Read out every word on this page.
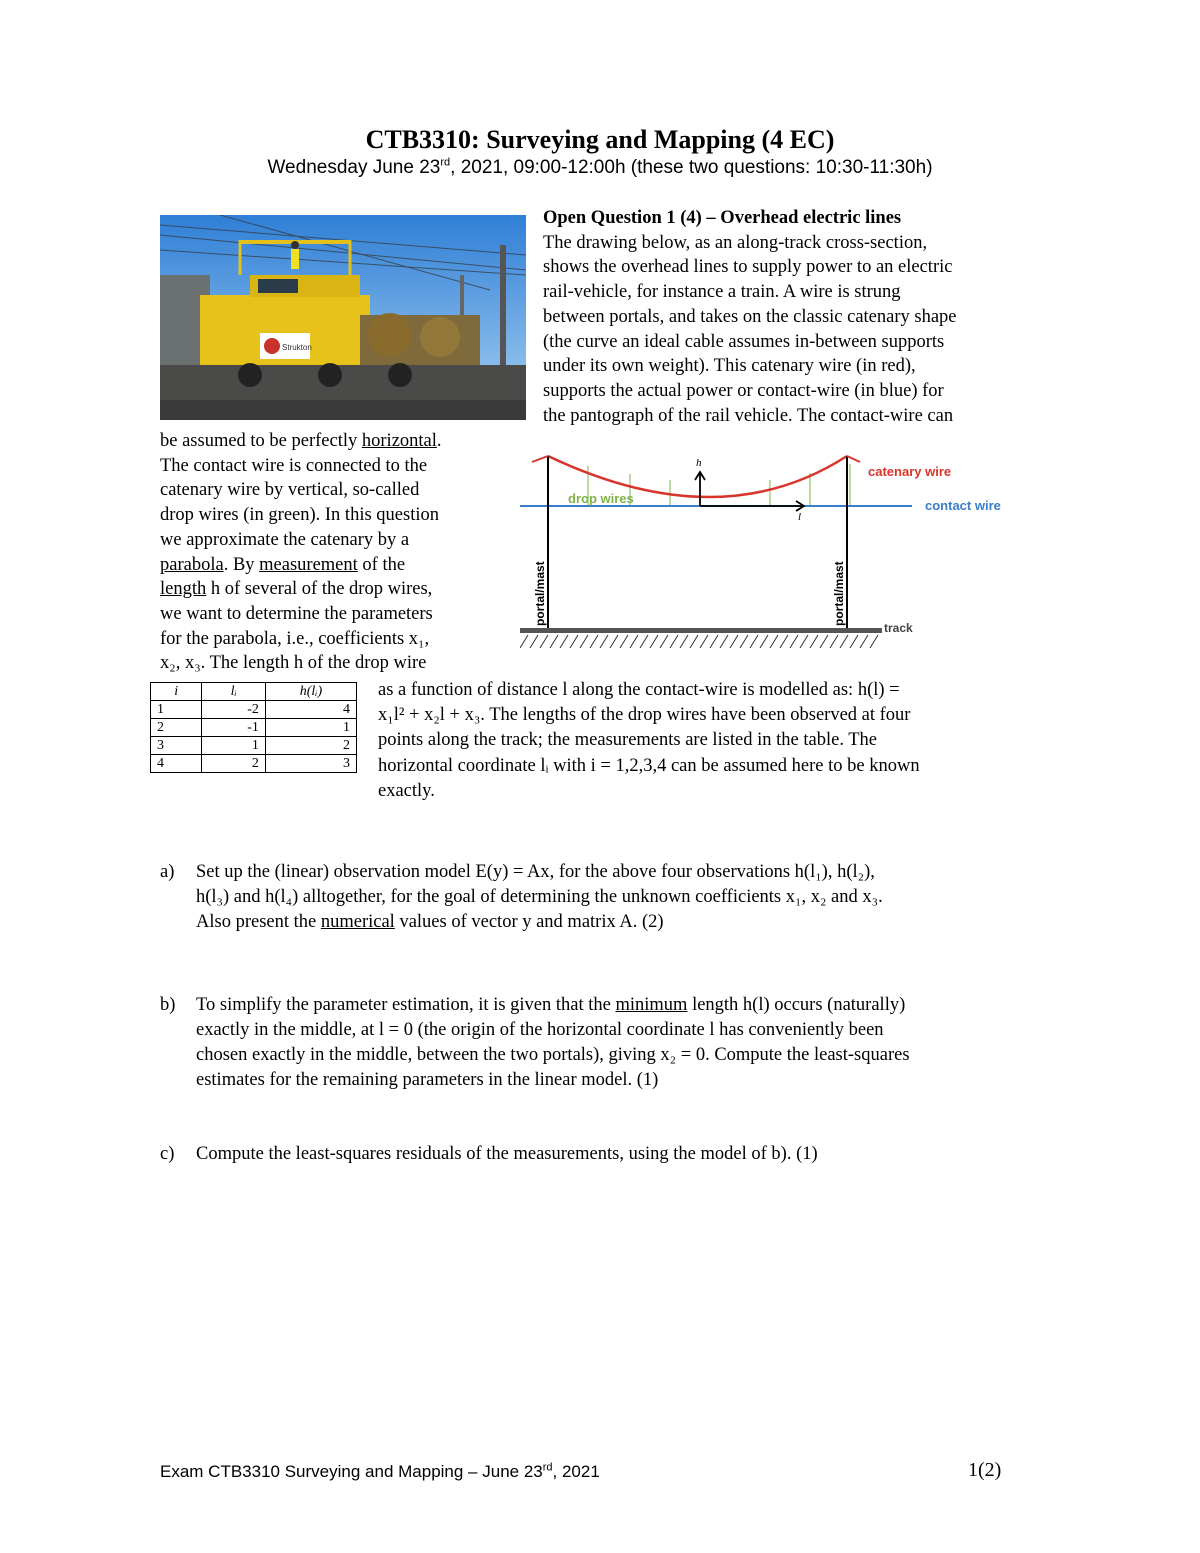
CTB3310: Surveying and Mapping (4 EC)
Wednesday June 23rd, 2021, 09:00-12:00h (these two questions: 10:30-11:30h)
Strukton
Open Question 1 (4) – Overhead electric lines
The drawing below, as an along-track cross-section,
shows the overhead lines to supply power to an electric
rail-vehicle, for instance a train. A wire is strung
between portals, and takes on the classic catenary shape
(the curve an ideal cable assumes in-between supports
under its own weight). This catenary wire (in red),
supports the actual power or contact-wire (in blue) for
the pantograph of the rail vehicle. The contact-wire can
be assumed to be perfectly horizontal.
The contact wire is connected to the
catenary wire by vertical, so-called
drop wires (in green). In this question
we approximate the catenary by a
parabola. By measurement of the
length h of several of the drop wires,
we want to determine the parameters
for the parabola, i.e., coefficients x₁,
x₂, x₃. The length h of the drop wire
h
l
drop wires
catenary wire
contact wire
portal/mast	portal/mast
track
i	lᵢ	h(lᵢ)
1	-2	4
2	-1	1
3	1	2
4	2	3
as a function of distance l along the contact-wire is modelled as: h(l) =
x₁l² + x₂l + x₃. The lengths of the drop wires have been observed at four
points along the track; the measurements are listed in the table. The
horizontal coordinate lᵢ with i = 1,2,3,4 can be assumed here to be known
exactly.
a) Set up the (linear) observation model E(y) = Ax, for the above four observations h(l₁), h(l₂),
h(l₃) and h(l₄) alltogether, for the goal of determining the unknown coefficients x₁, x₂ and x₃.
Also present the numerical values of vector y and matrix A. (2)
b) To simplify the parameter estimation, it is given that the minimum length h(l) occurs (naturally)
exactly in the middle, at l = 0 (the origin of the horizontal coordinate l has conveniently been
chosen exactly in the middle, between the two portals), giving x₂ = 0. Compute the least-squares
estimates for the remaining parameters in the linear model. (1)
c) Compute the least-squares residuals of the measurements, using the model of b). (1)
Exam CTB3310 Surveying and Mapping – June 23rd, 2021	1(2)
